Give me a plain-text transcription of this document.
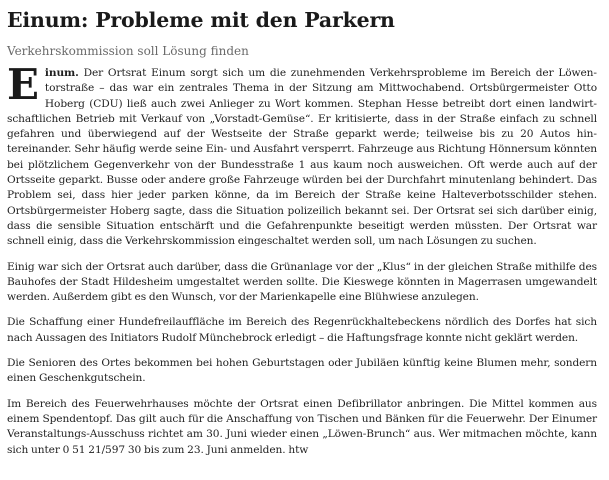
Einum: Probleme mit den Parkern

Verkehrskommission soll Lösung finden

Einum. Der Ortsrat Einum sorgt sich um die zunehmenden Verkehrsprobleme im Bereich der Löwentorstraße – das war ein zentrales Thema in der Sitzung am Mittwochabend. Ortsbürgermeister Otto Hoberg (CDU) ließ auch zwei Anlieger zu Wort kommen. Stephan Hesse betreibt dort einen landwirtschaftlichen Betrieb mit Verkauf von „Vorstadt-Gemüse“. Er kritisierte, dass in der Straße einfach zu schnell gefahren und überwiegend auf der Westseite der Straße geparkt werde; teilweise bis zu 20 Autos hintereinander. Sehr häufig werde seine Ein- und Ausfahrt versperrt. Fahrzeuge aus Richtung Hönnersum könnten bei plötzlichem Gegenverkehr von der Bundesstraße 1 aus kaum noch ausweichen. Oft werde auch auf der Ortsseite geparkt. Busse oder andere große Fahrzeuge würden bei der Durchfahrt minutenlang behindert. Das Problem sei, dass hier jeder parken könne, da im Bereich der Straße keine Halteverbotsschilder stehen. Ortsbürgermeister Hoberg sagte, dass die Situation polizeilich bekannt sei. Der Ortsrat sei sich darüber einig, dass die sensible Situation entschärft und die Gefahrenpunkte beseitigt werden müssten. Der Ortsrat war schnell einig, dass die Verkehrskommission eingeschaltet werden soll, um nach Lösungen zu suchen.

Einig war sich der Ortsrat auch darüber, dass die Grünanlage vor der „Klus“ in der gleichen Straße mithilfe des Bauhofes der Stadt Hildesheim umgestaltet werden sollte. Die Kieswege könnten in Magerrasen umgewandelt werden. Außerdem gibt es den Wunsch, vor der Marienkapelle eine Blühwiese anzulegen.

Die Schaffung einer Hundefreilauffläche im Bereich des Regenrückhaltebeckens nördlich des Dorfes hat sich nach Aussagen des Initiators Rudolf Münchebrock erledigt – die Haftungsfrage konnte nicht geklärt werden.

Die Senioren des Ortes bekommen bei hohen Geburtstagen oder Jubiläen künftig keine Blumen mehr, sondern einen Geschenkgutschein.

Im Bereich des Feuerwehrhauses möchte der Ortsrat einen Defibrillator anbringen. Die Mittel kommen aus einem Spendentopf. Das gilt auch für die Anschaffung von Tischen und Bänken für die Feuerwehr. Der Einumer Veranstaltungs-Ausschuss richtet am 30. Juni wieder einen „Löwen-Brunch“ aus. Wer mitmachen möchte, kann sich unter 0 51 21/597 30 bis zum 23. Juni anmelden. htw
